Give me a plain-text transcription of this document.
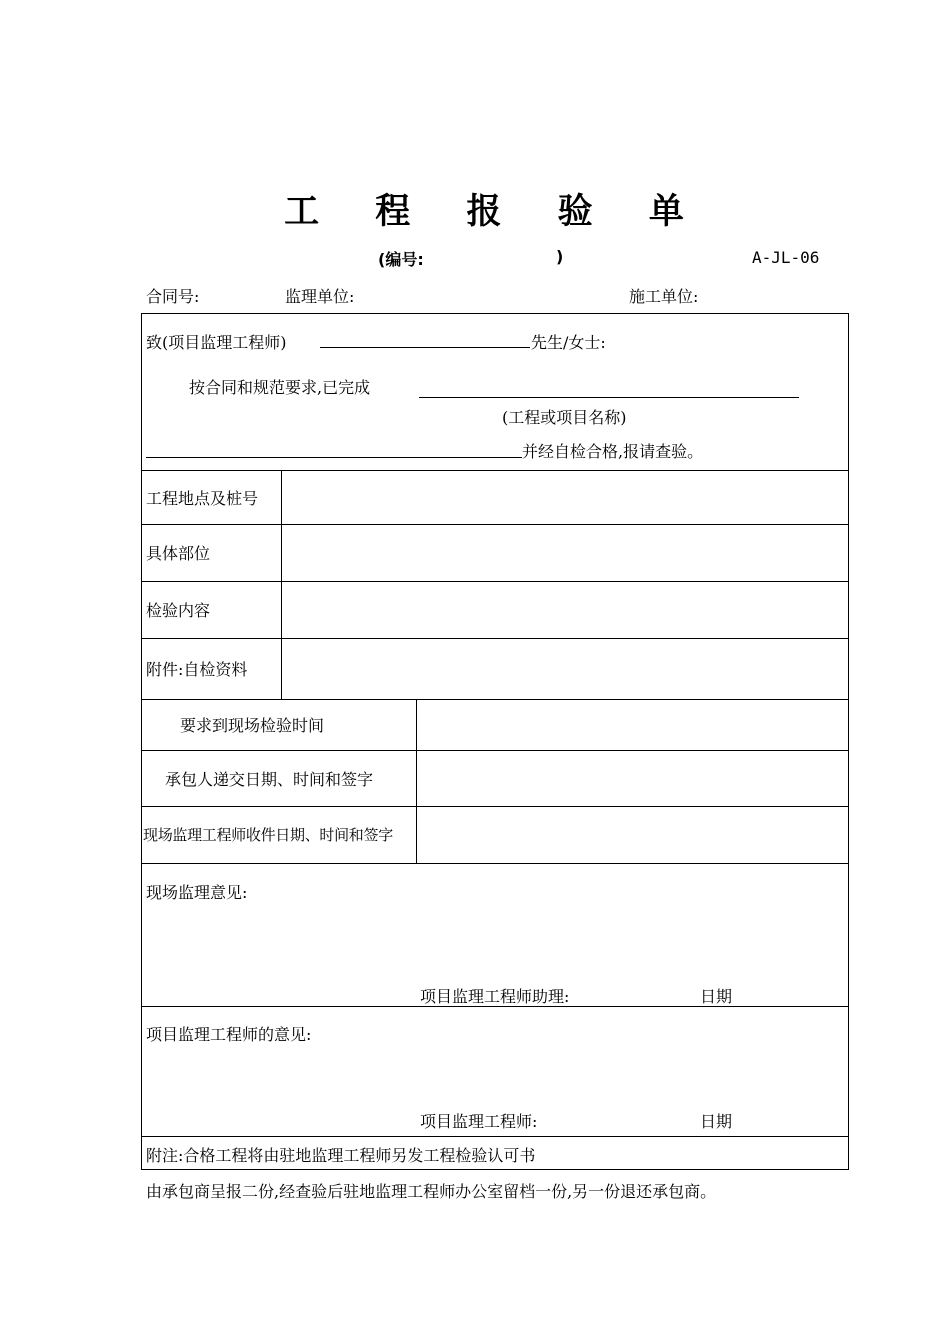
工 程 报 验 单
(编号:	)	A-JL-06
合同号:	监理单位:	施工单位:
致(项目监理工程师)	先生/女士:
按合同和规范要求,已完成
(工程或项目名称)
并经自检合格,报请查验。
工程地点及桩号
具体部位
检验内容
附件:自检资料
要求到现场检验时间
承包人递交日期、时间和签字
现场监理工程师收件日期、时间和签字
现场监理意见:
项目监理工程师助理:	日期
项目监理工程师的意见:
项目监理工程师:	日期
附注:合格工程将由驻地监理工程师另发工程检验认可书
由承包商呈报二份,经查验后驻地监理工程师办公室留档一份,另一份退还承包商。
